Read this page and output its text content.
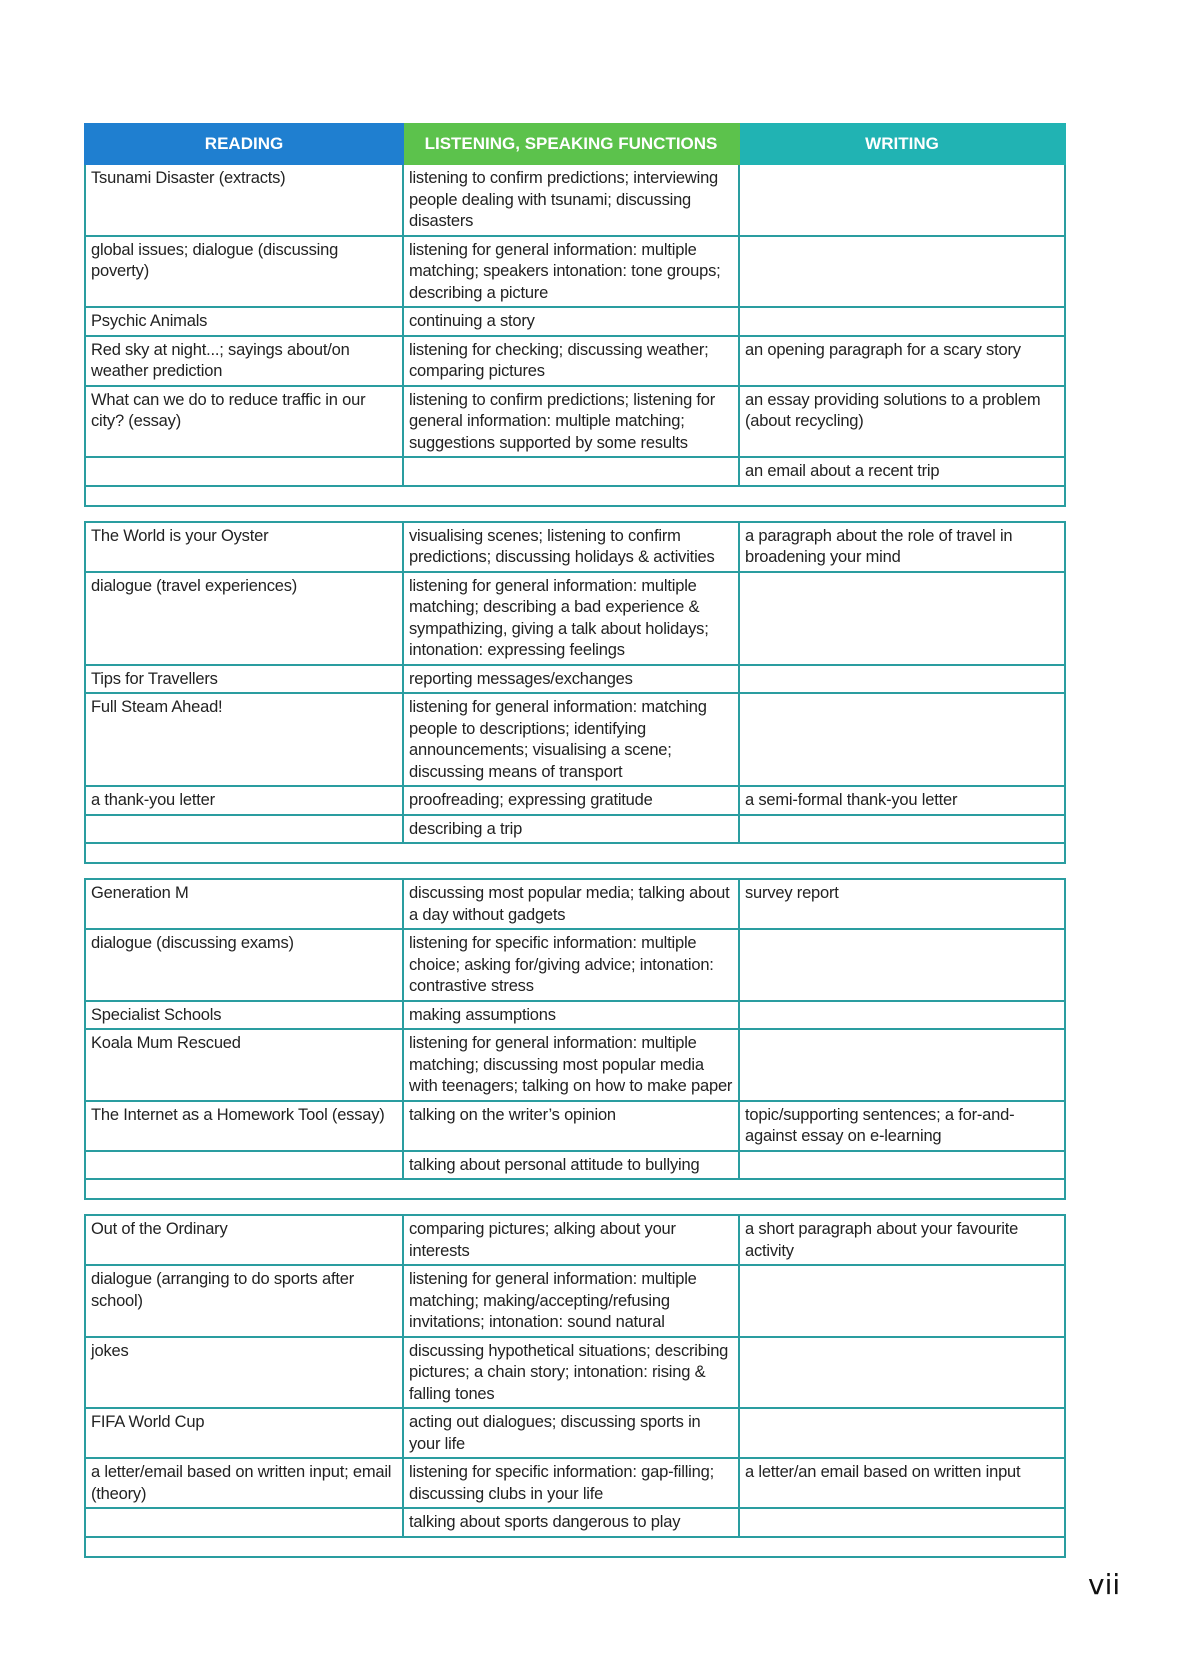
READING	LISTENING, SPEAKING FUNCTIONS	WRITING
Tsunami Disaster (extracts)	listening to confirm predictions; interviewing people dealing with tsunami; discussing disasters	
global issues; dialogue (discussing poverty)	listening for general information: multiple matching; speakers intonation: tone groups; describing a picture	
Psychic Animals	continuing a story	
Red sky at night...; sayings about/on weather prediction	listening for checking; discussing weather; comparing pictures	an opening paragraph for a scary story
What can we do to reduce traffic in our city? (essay)	listening to confirm predictions; listening for general information: multiple matching; suggestions supported by some results	an essay providing solutions to a problem (about recycling)
		an email about a recent trip

The World is your Oyster	visualising scenes; listening to confirm predictions; discussing holidays & activities	a paragraph about the role of travel in broadening your mind
dialogue (travel experiences)	listening for general information: multiple matching; describing a bad experience & sympathizing, giving a talk about holidays; intonation: expressing feelings	
Tips for Travellers	reporting messages/exchanges	
Full Steam Ahead!	listening for general information: matching people to descriptions; identifying announcements; visualising a scene; discussing means of transport	
a thank-you letter	proofreading; expressing gratitude	a semi-formal thank-you letter
	describing a trip	

Generation M	discussing most popular media; talking about a day without gadgets	survey report
dialogue (discussing exams)	listening for specific information: multiple choice; asking for/giving advice; intonation: contrastive stress	
Specialist Schools	making assumptions	
Koala Mum Rescued	listening for general information: multiple matching; discussing most popular media with teenagers; talking on how to make paper	
The Internet as a Homework Tool (essay)	talking on the writer’s opinion	topic/supporting sentences; a for-and-against essay on e-learning
	talking about personal attitude to bullying	

Out of the Ordinary	comparing pictures; alking about your interests	a short paragraph about your favourite activity
dialogue (arranging to do sports after school)	listening for general information: multiple matching; making/accepting/refusing invitations; intonation: sound natural	
jokes	discussing hypothetical situations; describing pictures; a chain story; intonation: rising & falling tones	
FIFA World Cup	acting out dialogues; discussing sports in your life	
a letter/email based on written input; email (theory)	listening for specific information: gap-filling; discussing clubs in your life	a letter/an email based on written input
	talking about sports dangerous to play	

vii
